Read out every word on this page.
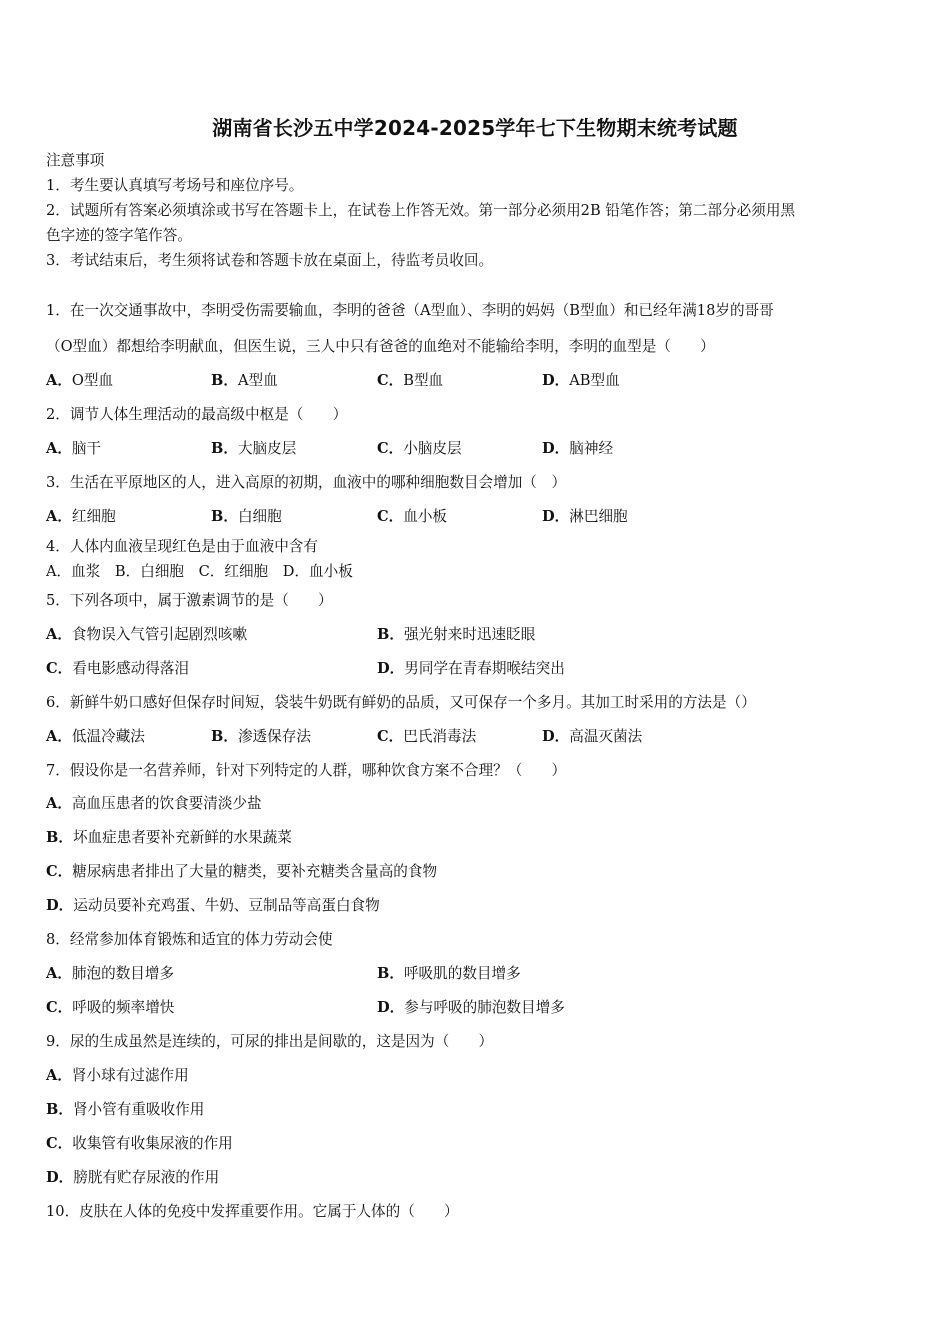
湖南省长沙五中学2024-2025学年七下生物期末统考试题
注意事项
1．考生要认真填写考场号和座位序号。
2．试题所有答案必须填涂或书写在答题卡上，在试卷上作答无效。第一部分必须用2B 铅笔作答；第二部分必须用黑
色字迹的签字笔作答。
3．考试结束后，考生须将试卷和答题卡放在桌面上，待监考员收回。
1．在一次交通事故中，李明受伤需要输血，李明的爸爸（A型血）、李明的妈妈（B型血）和已经年满18岁的哥哥
（O型血）都想给李明献血，但医生说，三人中只有爸爸的血绝对不能输给李明，李明的血型是（　　）
A．O型血	B．A型血	C．B型血	D．AB型血
2．调节人体生理活动的最高级中枢是（　　）
A．脑干	B．大脑皮层	C．小脑皮层	D．脑神经
3．生活在平原地区的人，进入高原的初期，血液中的哪种细胞数目会增加（　）
A．红细胞	B．白细胞	C．血小板	D．淋巴细胞
4．人体内血液呈现红色是由于血液中含有
A．血浆　B．白细胞　C．红细胞　D．血小板
5．下列各项中，属于激素调节的是（　　）
A．食物误入气管引起剧烈咳嗽	B．强光射来时迅速眨眼
C．看电影感动得落泪	D．男同学在青春期喉结突出
6．新鲜牛奶口感好但保存时间短，袋装牛奶既有鲜奶的品质，又可保存一个多月。其加工时采用的方法是（）
A．低温冷藏法	B．渗透保存法	C．巴氏消毒法	D．高温灭菌法
7．假设你是一名营养师，针对下列特定的人群，哪种饮食方案不合理？（　　）
A．高血压患者的饮食要清淡少盐
B．坏血症患者要补充新鲜的水果蔬菜
C．糖尿病患者排出了大量的糖类，要补充糖类含量高的食物
D．运动员要补充鸡蛋、牛奶、豆制品等高蛋白食物
8．经常参加体育锻炼和适宜的体力劳动会使
A．肺泡的数目增多	B．呼吸肌的数目增多
C．呼吸的频率增快	D．参与呼吸的肺泡数目增多
9．尿的生成虽然是连续的，可尿的排出是间歇的，这是因为（　　）
A．肾小球有过滤作用
B．肾小管有重吸收作用
C．收集管有收集尿液的作用
D．膀胱有贮存尿液的作用
10．皮肤在人体的免疫中发挥重要作用。它属于人体的（　　）
